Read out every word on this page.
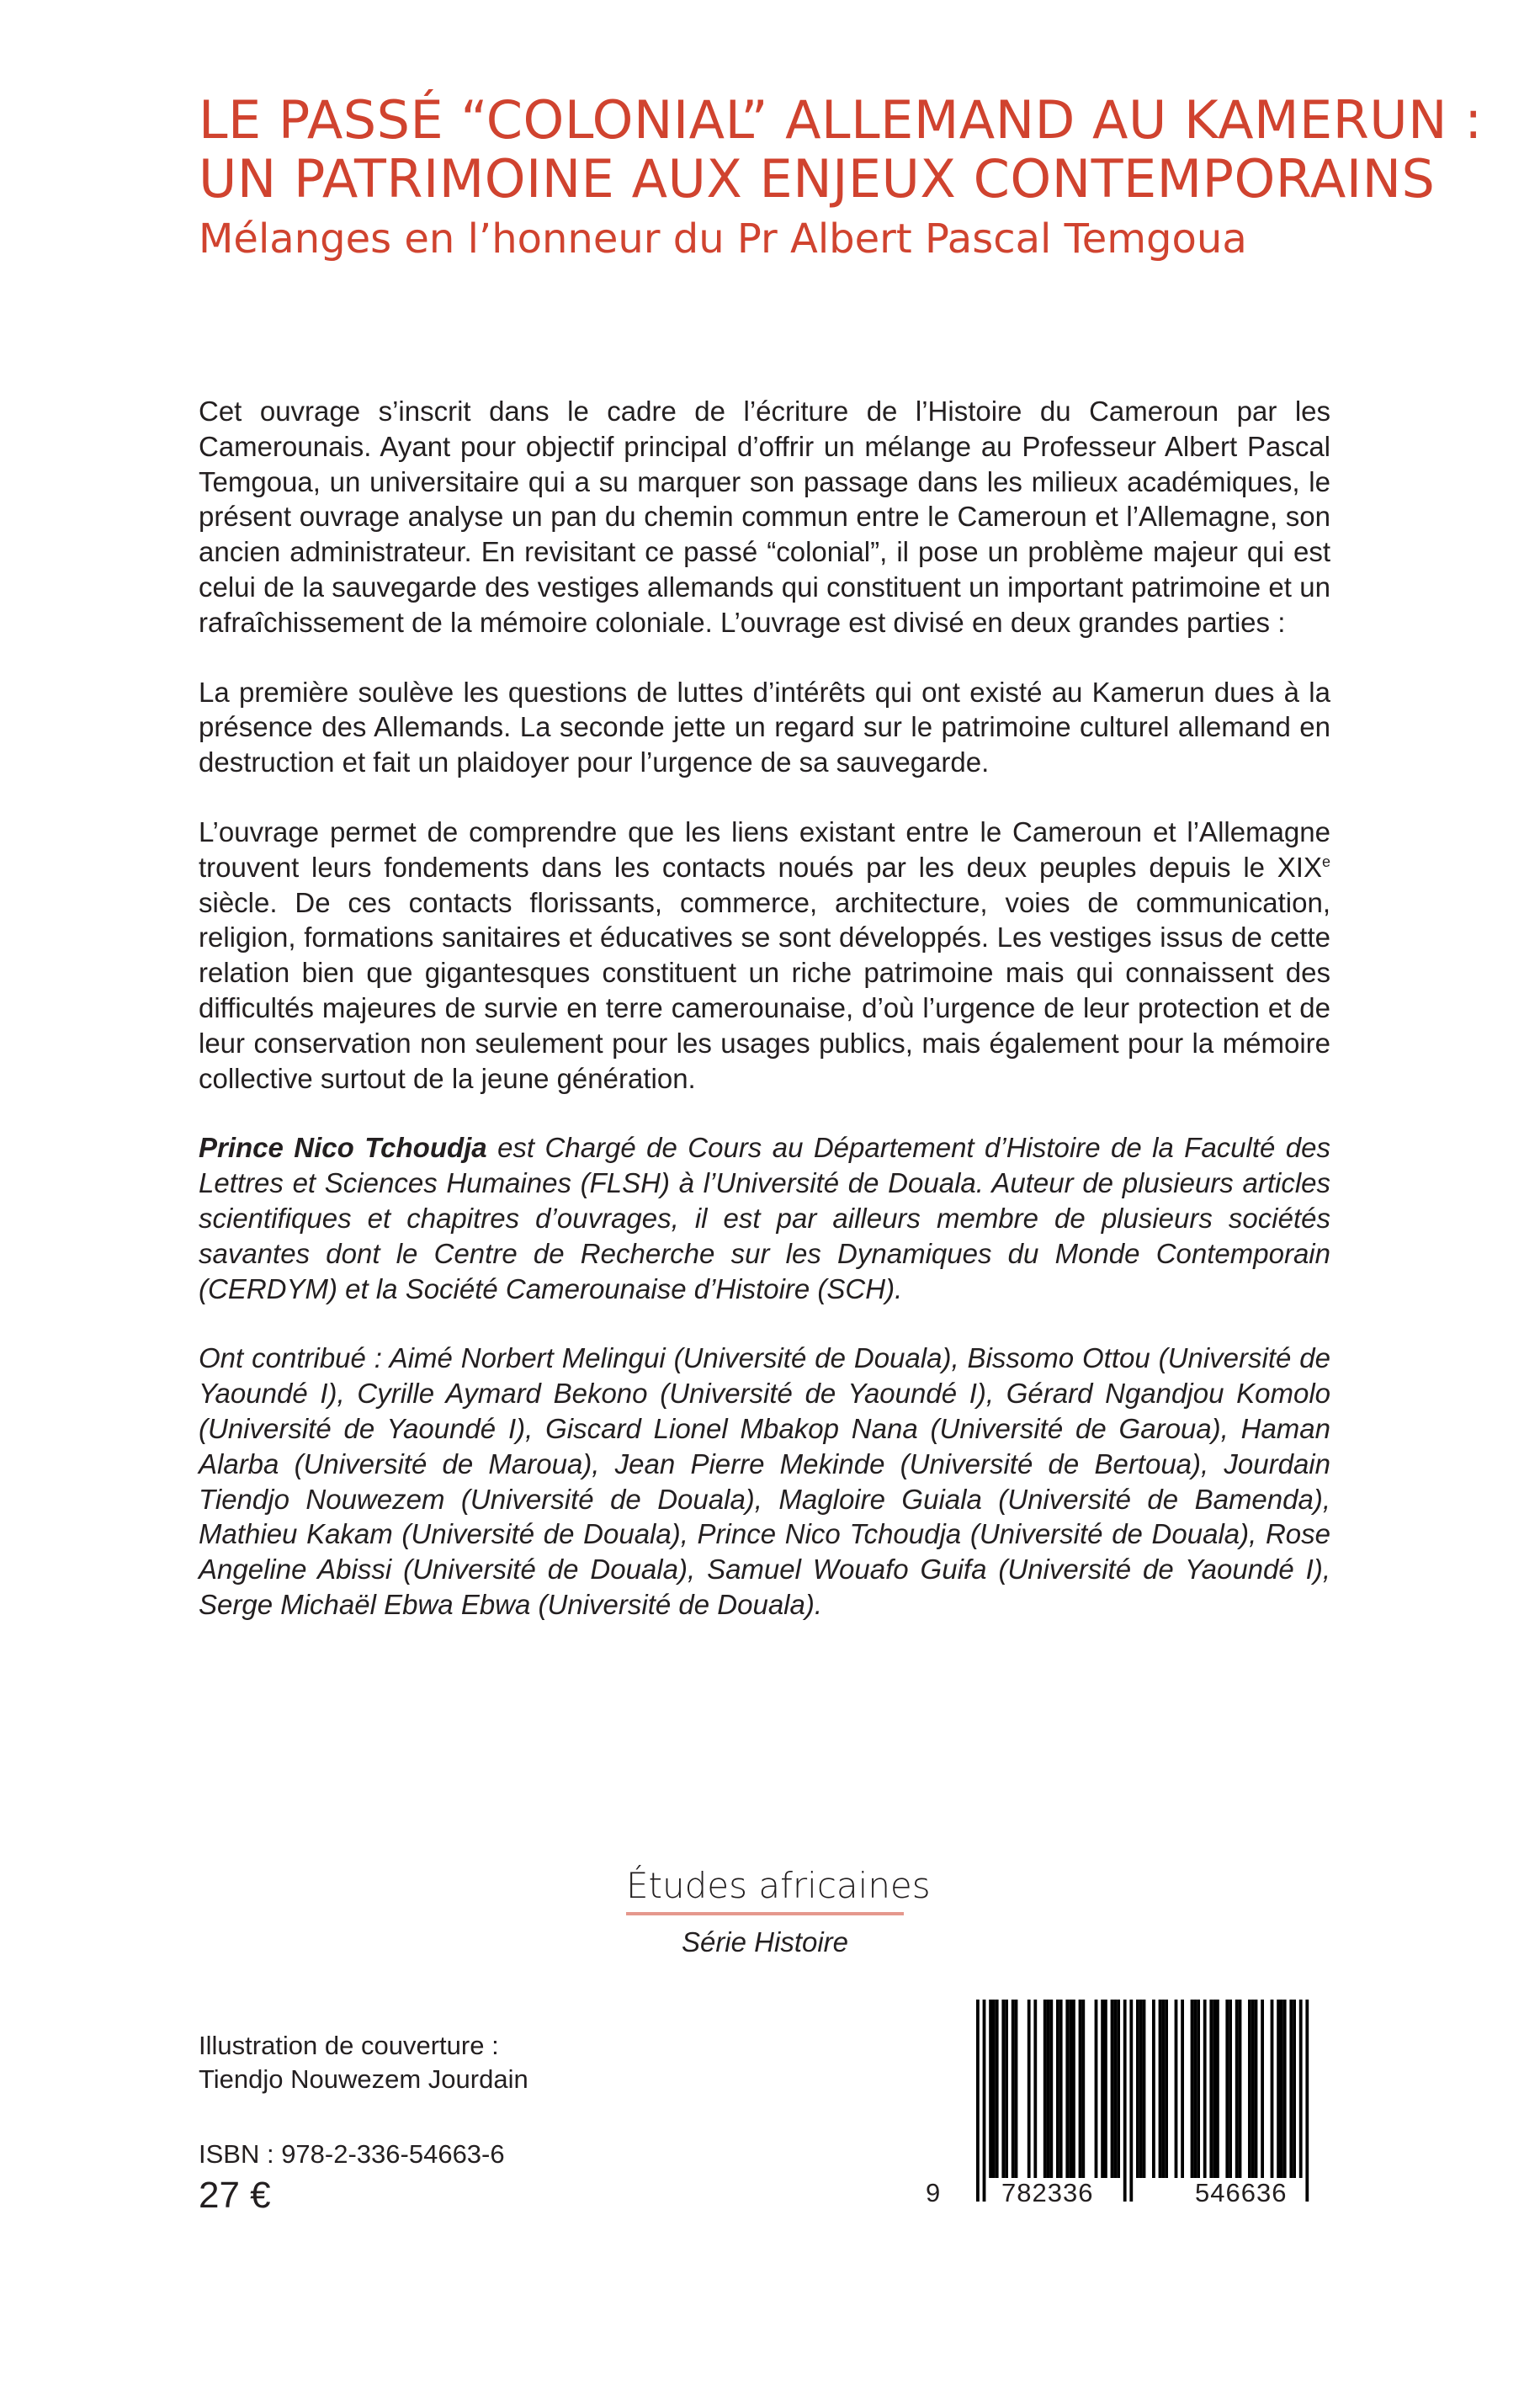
LE PASSÉ “COLONIAL” ALLEMAND AU KAMERUN :
UN PATRIMOINE AUX ENJEUX CONTEMPORAINS

Mélanges en l’honneur du Pr Albert Pascal Temgoua

Cet ouvrage s’inscrit dans le cadre de l’écriture de l’Histoire du Cameroun par les Camerounais. Ayant pour objectif principal d’offrir un mélange au Professeur Albert Pascal Temgoua, un universitaire qui a su marquer son passage dans les milieux académiques, le présent ouvrage analyse un pan du chemin commun entre le Cameroun et l’Allemagne, son ancien administrateur. En revisitant ce passé “colonial”, il pose un problème majeur qui est celui de la sauvegarde des vestiges allemands qui constituent un important patrimoine et un rafraîchissement de la mémoire coloniale. L’ouvrage est divisé en deux grandes parties :

La première soulève les questions de luttes d’intérêts qui ont existé au Kamerun dues à la présence des Allemands. La seconde jette un regard sur le patrimoine culturel allemand en destruction et fait un plaidoyer pour l’urgence de sa sauvegarde.

L’ouvrage permet de comprendre que les liens existant entre le Cameroun et l’Allemagne trouvent leurs fondements dans les contacts noués par les deux peuples depuis le XIXe siècle. De ces contacts florissants, commerce, architecture, voies de communication, religion, formations sanitaires et éducatives se sont développés. Les vestiges issus de cette relation bien que gigantesques constituent un riche patrimoine mais qui connaissent des difficultés majeures de survie en terre camerounaise, d’où l’urgence de leur protection et de leur conservation non seulement pour les usages publics, mais également pour la mémoire collective surtout de la jeune génération.

Prince Nico Tchoudja est Chargé de Cours au Département d’Histoire de la Faculté des Lettres et Sciences Humaines (FLSH) à l’Université de Douala. Auteur de plusieurs articles scientifiques et chapitres d’ouvrages, il est par ailleurs membre de plusieurs sociétés savantes dont le Centre de Recherche sur les Dynamiques du Monde Contemporain (CERDYM) et la Société Camerounaise d’Histoire (SCH).

Ont contribué : Aimé Norbert Melingui (Université de Douala), Bissomo Ottou (Université de Yaoundé I), Cyrille Aymard Bekono (Université de Yaoundé I), Gérard Ngandjou Komolo (Université de Yaoundé I), Giscard Lionel Mbakop Nana (Université de Garoua), Haman Alarba (Université de Maroua), Jean Pierre Mekinde (Université de Bertoua), Jourdain Tiendjo Nouwezem (Université de Douala), Magloire Guiala (Université de Bamenda), Mathieu Kakam (Université de Douala), Prince Nico Tchoudja (Université de Douala), Rose Angeline Abissi (Université de Douala), Samuel Wouafo Guifa (Université de Yaoundé I), Serge Michaël Ebwa Ebwa (Université de Douala).

Études africaines
Série Histoire
Illustration de couverture :
Tiendjo Nouwezem Jourdain
ISBN : 978-2-336-54663-6
27 €	9 782336	546636
